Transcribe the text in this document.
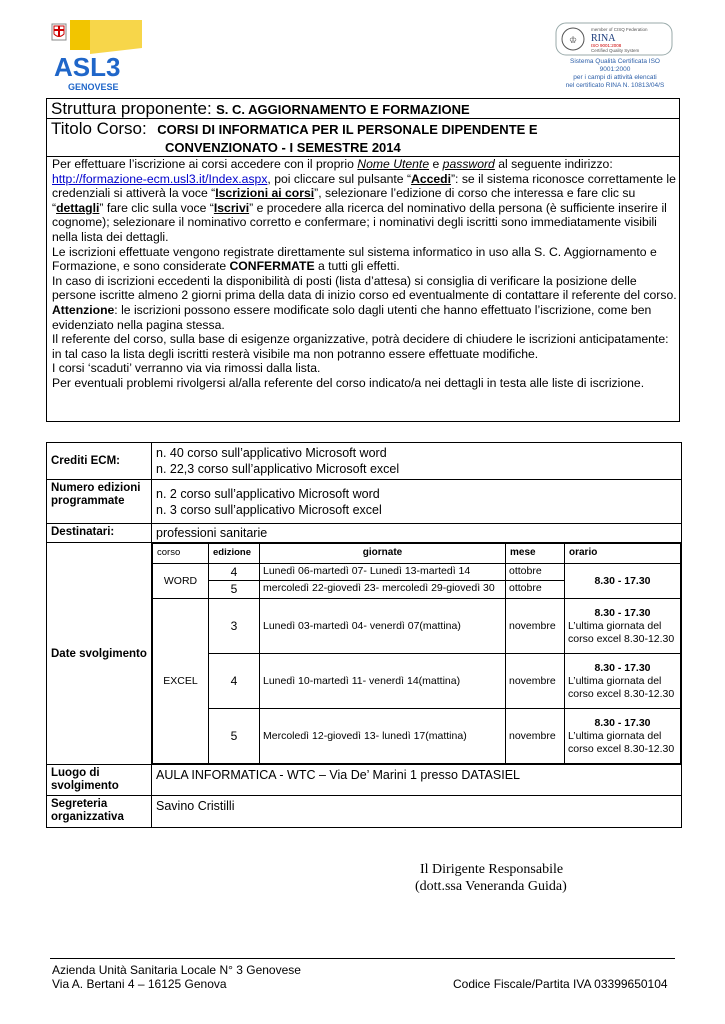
ASL3
GENOVESE
♔
member of CISQ Federation
RINA
ISO 9001:2008
Certified Quality System
Sistema Qualità Certificata ISO
9001:2000
per i campi di attività elencati
nel certificato RINA N. 10813/04/S
Struttura proponente: S. C. AGGIORNAMENTO E FORMAZIONE
Titolo Corso: CORSI DI INFORMATICA PER IL PERSONALE DIPENDENTE E
CONVENZIONATO - I SEMESTRE 2014

Per effettuare l’iscrizione ai corsi accedere con il proprio Nome Utente e password al seguente indirizzo: http://formazione-ecm.usl3.it/Index.aspx, poi cliccare sul pulsante “Accedi”: se il sistema riconosce correttamente le credenziali si attiverà la voce “Iscrizioni ai corsi”, selezionare l’edizione di corso che interessa e fare clic su “dettagli” fare clic sulla voce “Iscrivi” e procedere alla ricerca del nominativo della persona (è sufficiente inserire il cognome); selezionare il nominativo corretto e confermare; i nominativi degli iscritti sono immediatamente visibili nella lista dei dettagli.

Le iscrizioni effettuate vengono registrate direttamente sul sistema informatico in uso alla S. C. Aggiornamento e Formazione, e sono considerate CONFERMATE a tutti gli effetti.

In caso di iscrizioni eccedenti la disponibilità di posti (lista d’attesa) si consiglia di verificare la posizione delle persone iscritte almeno 2 giorni prima della data di inizio corso ed eventualmente di contattare il referente del corso.

Attenzione: le iscrizioni possono essere modificate solo dagli utenti che hanno effettuato l’iscrizione, come ben evidenziato nella pagina stessa.

Il referente del corso, sulla base di esigenze organizzative, potrà decidere di chiudere le iscrizioni anticipatamente: in tal caso la lista degli iscritti resterà visibile ma non potranno essere effettuate modifiche.

I corsi ‘scaduti’ verranno via via rimossi dalla lista.

Per eventuali problemi rivolgersi al/alla referente del corso indicato/a nei dettagli in testa alle liste di iscrizione.

Crediti ECM:	
n. 40 corso sull’applicativo Microsoft word
n. 22,3 corso sull’applicativo Microsoft excel

Numero edizioni programmate	
n. 2 corso sull’applicativo Microsoft word
n. 3 corso sull’applicativo Microsoft excel

Destinatari:	professioni sanitarie
Date svolgimento	
corso	edizione	giornate	mese	orario
WORD	4	Lunedì 06-martedì 07- Lunedì 13-martedì 14	ottobre	8.30 - 17.30
5	mercoledì 22-giovedì 23- mercoledì 29-giovedì 30	ottobre
EXCEL	3	Lunedì 03-martedì 04- venerdì 07(mattina)	novembre	
8.30 - 17.30
L’ultima giornata del corso excel 8.30-12.30

4	Lunedì 10-martedì 11- venerdì 14(mattina)	novembre	
8.30 - 17.30
L’ultima giornata del corso excel 8.30-12.30

5	Mercoledì 12-giovedì 13- lunedì 17(mattina)	novembre	
8.30 - 17.30
L’ultima giornata del corso excel 8.30-12.30

Luogo di svolgimento	AULA INFORMATICA - WTC – Via De’ Marini 1 presso DATASIEL
Segreteria organizzativa	Savino Cristilli
Il Dirigente Responsabile
(dott.ssa Veneranda Guida)
Azienda Unità Sanitaria Locale N° 3 Genovese
Via A. Bertani 4 – 16125 Genova	Codice Fiscale/Partita IVA 03399650104
